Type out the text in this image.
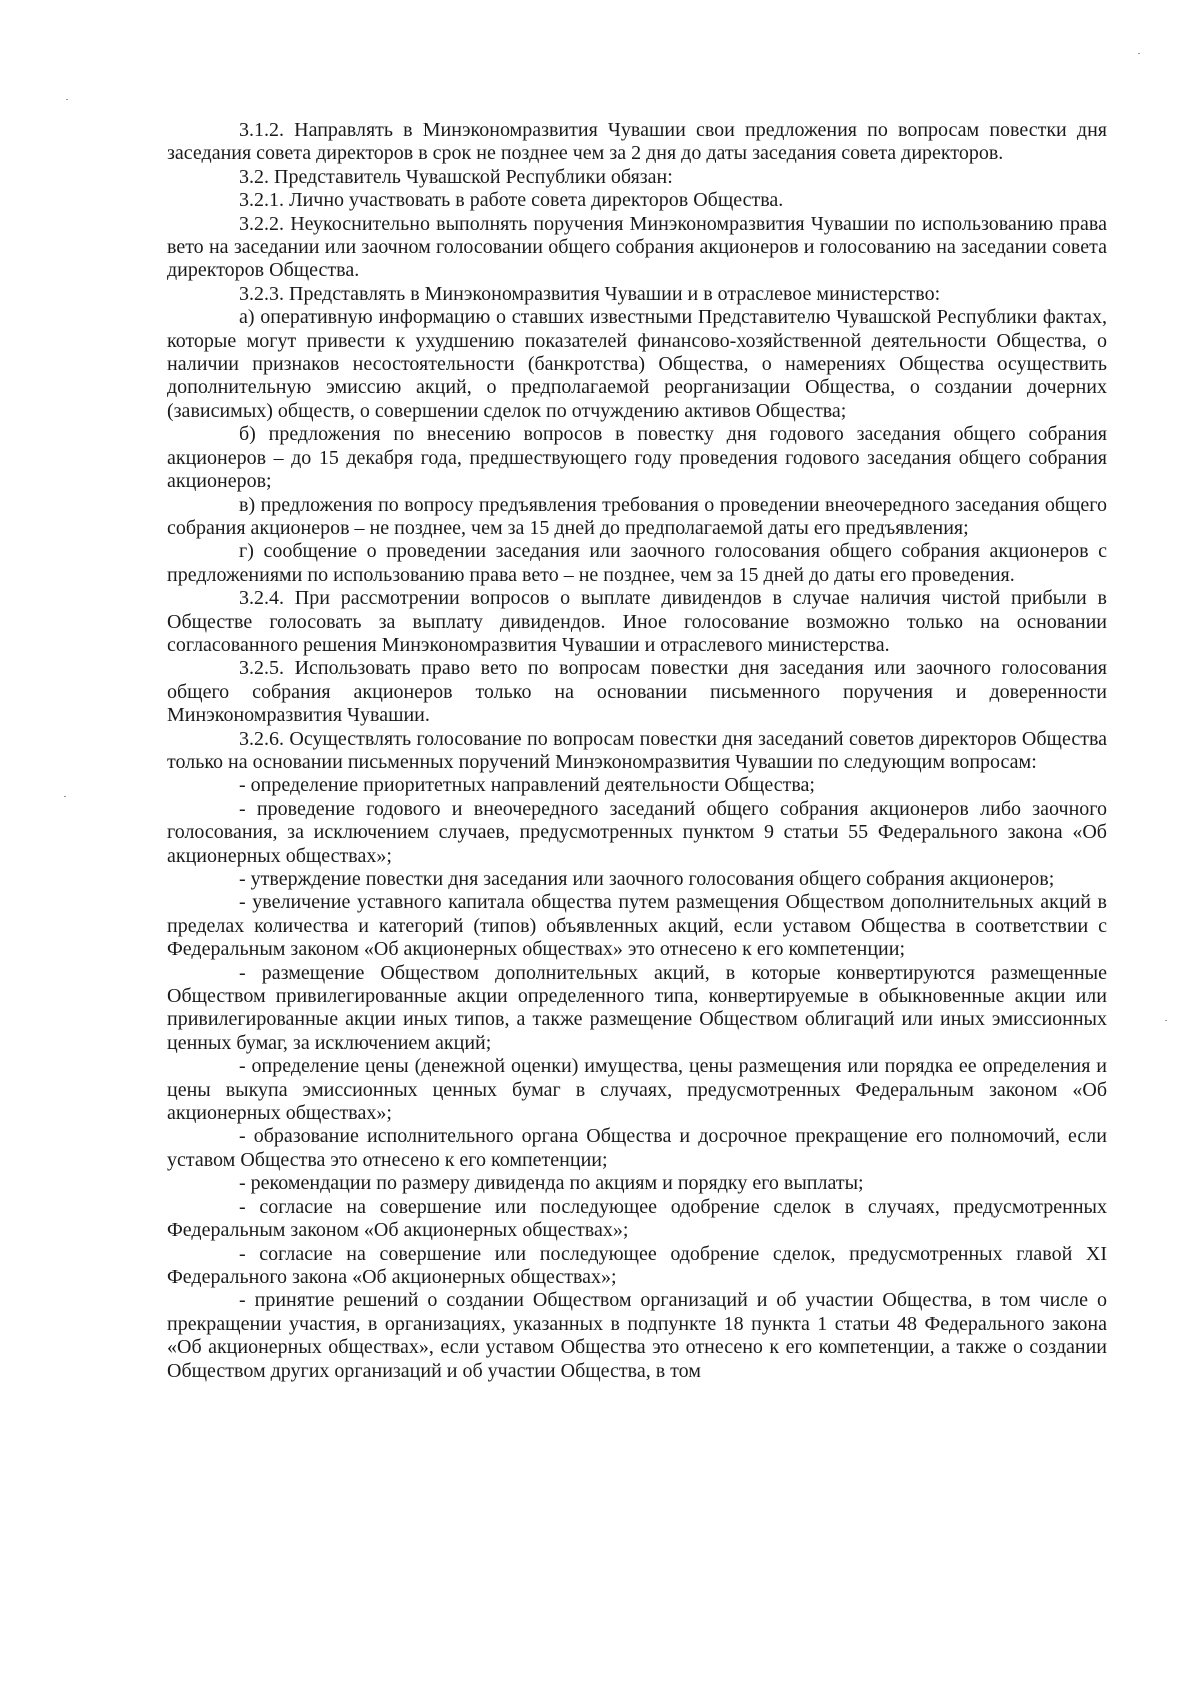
3.1.2. Направлять в Минэкономразвития Чувашии свои предложения по вопросам повестки дня заседания совета директоров в срок не позднее чем за 2 дня до даты заседания совета директоров.

3.2. Представитель Чувашской Республики обязан:

3.2.1. Лично участвовать в работе совета директоров Общества.

3.2.2. Неукоснительно выполнять поручения Минэкономразвития Чувашии по использованию права вето на заседании или заочном голосовании общего собрания акционеров и голосованию на заседании совета директоров Общества.

3.2.3. Представлять в Минэкономразвития Чувашии и в отраслевое министерство:

а) оперативную информацию о ставших известными Представителю Чувашской Республики фактах, которые могут привести к ухудшению показателей финансово-хозяйственной деятельности Общества, о наличии признаков несостоятельности (банкротства) Общества, о намерениях Общества осуществить дополнительную эмиссию акций, о предполагаемой реорганизации Общества, о создании дочерних (зависимых) обществ, о совершении сделок по отчуждению активов Общества;

б) предложения по внесению вопросов в повестку дня годового заседания общего собрания акционеров – до 15 декабря года, предшествующего году проведения годового заседания общего собрания акционеров;

в) предложения по вопросу предъявления требования о проведении внеочередного заседания общего собрания акционеров – не позднее, чем за 15 дней до предполагаемой даты его предъявления;

г) сообщение о проведении заседания или заочного голосования общего собрания акционеров с предложениями по использованию права вето – не позднее, чем за 15 дней до даты его проведения.

3.2.4. При рассмотрении вопросов о выплате дивидендов в случае наличия чистой прибыли в Обществе голосовать за выплату дивидендов. Иное голосование возможно только на основании согласованного решения Минэкономразвития Чувашии и отраслевого министерства.

3.2.5. Использовать право вето по вопросам повестки дня заседания или заочного голосования общего собрания акционеров только на основании письменного поручения и доверенности Минэкономразвития Чувашии.

3.2.6. Осуществлять голосование по вопросам повестки дня заседаний советов директоров Общества только на основании письменных поручений Минэкономразвития Чувашии по следующим вопросам:

- определение приоритетных направлений деятельности Общества;

- проведение годового и внеочередного заседаний общего собрания акционеров либо заочного голосования, за исключением случаев, предусмотренных пунктом 9 статьи 55 Федерального закона «Об акционерных обществах»;

- утверждение повестки дня заседания или заочного голосования общего собрания акционеров;

- увеличение уставного капитала общества путем размещения Обществом дополнительных акций в пределах количества и категорий (типов) объявленных акций, если уставом Общества в соответствии с Федеральным законом «Об акционерных обществах» это отнесено к его компетенции;

- размещение Обществом дополнительных акций, в которые конвертируются размещенные Обществом привилегированные акции определенного типа, конвертируемые в обыкновенные акции или привилегированные акции иных типов, а также размещение Обществом облигаций или иных эмиссионных ценных бумаг, за исключением акций;

- определение цены (денежной оценки) имущества, цены размещения или порядка ее определения и цены выкупа эмиссионных ценных бумаг в случаях, предусмотренных Федеральным законом «Об акционерных обществах»;

- образование исполнительного органа Общества и досрочное прекращение его полномочий, если уставом Общества это отнесено к его компетенции;

- рекомендации по размеру дивиденда по акциям и порядку его выплаты;

- согласие на совершение или последующее одобрение сделок в случаях, предусмотренных Федеральным законом «Об акционерных обществах»;

- согласие на совершение или последующее одобрение сделок, предусмотренных главой XI Федерального закона «Об акционерных обществах»;

- принятие решений о создании Обществом организаций и об участии Общества, в том числе о прекращении участия, в организациях, указанных в подпункте 18 пункта 1 статьи 48 Федерального закона «Об акционерных обществах», если уставом Общества это отнесено к его компетенции, а также о создании Обществом других организаций и об участии Общества, в том
